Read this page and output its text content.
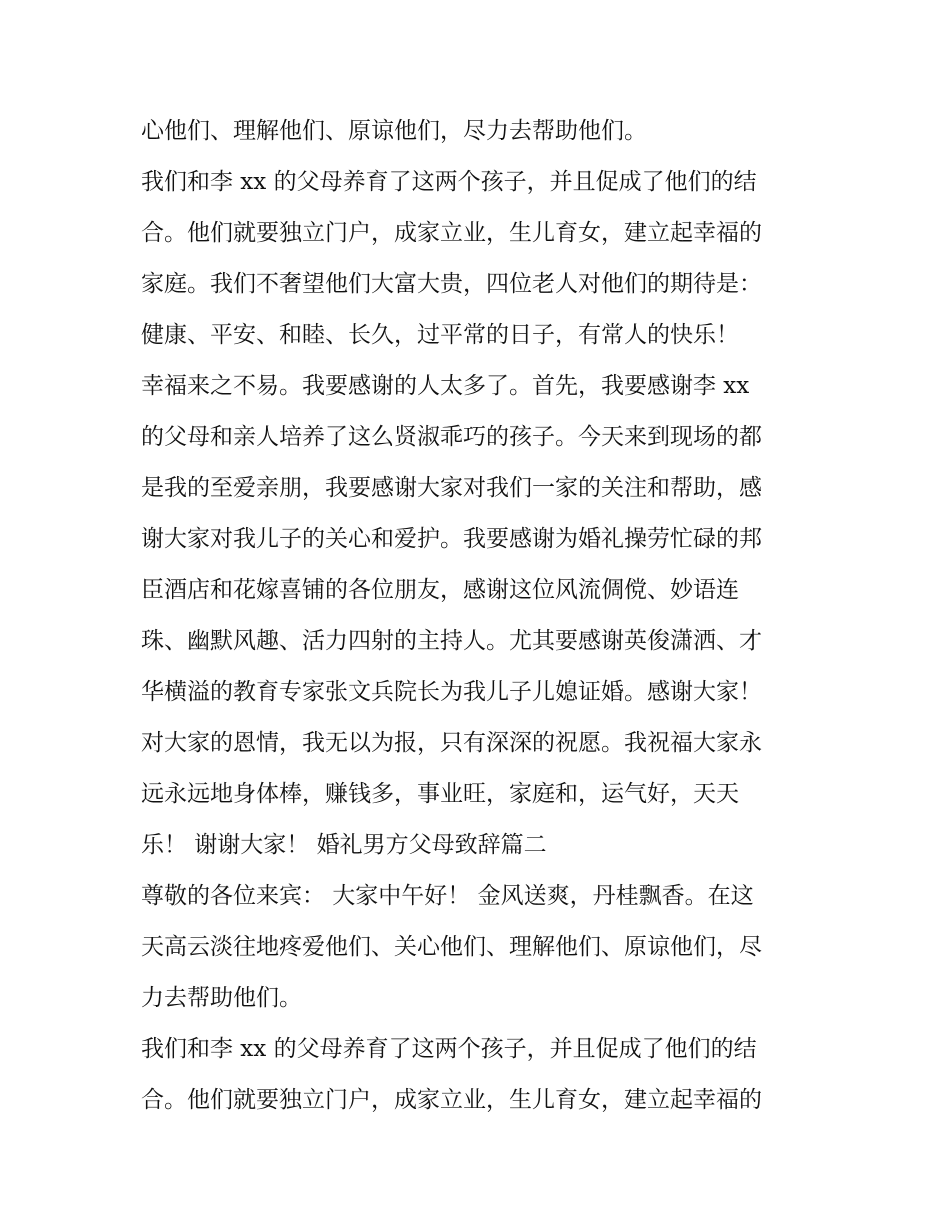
心他们、理解他们、原谅他们，尽力去帮助他们。
我们和李 xx 的父母养育了这两个孩子，并且促成了他们的结
合。他们就要独立门户，成家立业，生儿育女，建立起幸福的
家庭。我们不奢望他们大富大贵，四位老人对他们的期待是：
健康、平安、和睦、长久，过平常的日子，有常人的快乐！
幸福来之不易。我要感谢的人太多了。首先，我要感谢李 xx
的父母和亲人培养了这么贤淑乖巧的孩子。今天来到现场的都
是我的至爱亲朋，我要感谢大家对我们一家的关注和帮助，感
谢大家对我儿子的关心和爱护。我要感谢为婚礼操劳忙碌的邦
臣酒店和花嫁喜铺的各位朋友，感谢这位风流倜傥、妙语连
珠、幽默风趣、活力四射的主持人。尤其要感谢英俊潇洒、才
华横溢的教育专家张文兵院长为我儿子儿媳证婚。感谢大家！
对大家的恩情，我无以为报，只有深深的祝愿。我祝福大家永
远永远地身体棒，赚钱多，事业旺，家庭和，运气好，天天
乐！ 谢谢大家！ 婚礼男方父母致辞篇二
尊敬的各位来宾： 大家中午好！ 金风送爽，丹桂飘香。在这
天高云淡往地疼爱他们、关心他们、理解他们、原谅他们，尽
力去帮助他们。
我们和李 xx 的父母养育了这两个孩子，并且促成了他们的结
合。他们就要独立门户，成家立业，生儿育女，建立起幸福的
